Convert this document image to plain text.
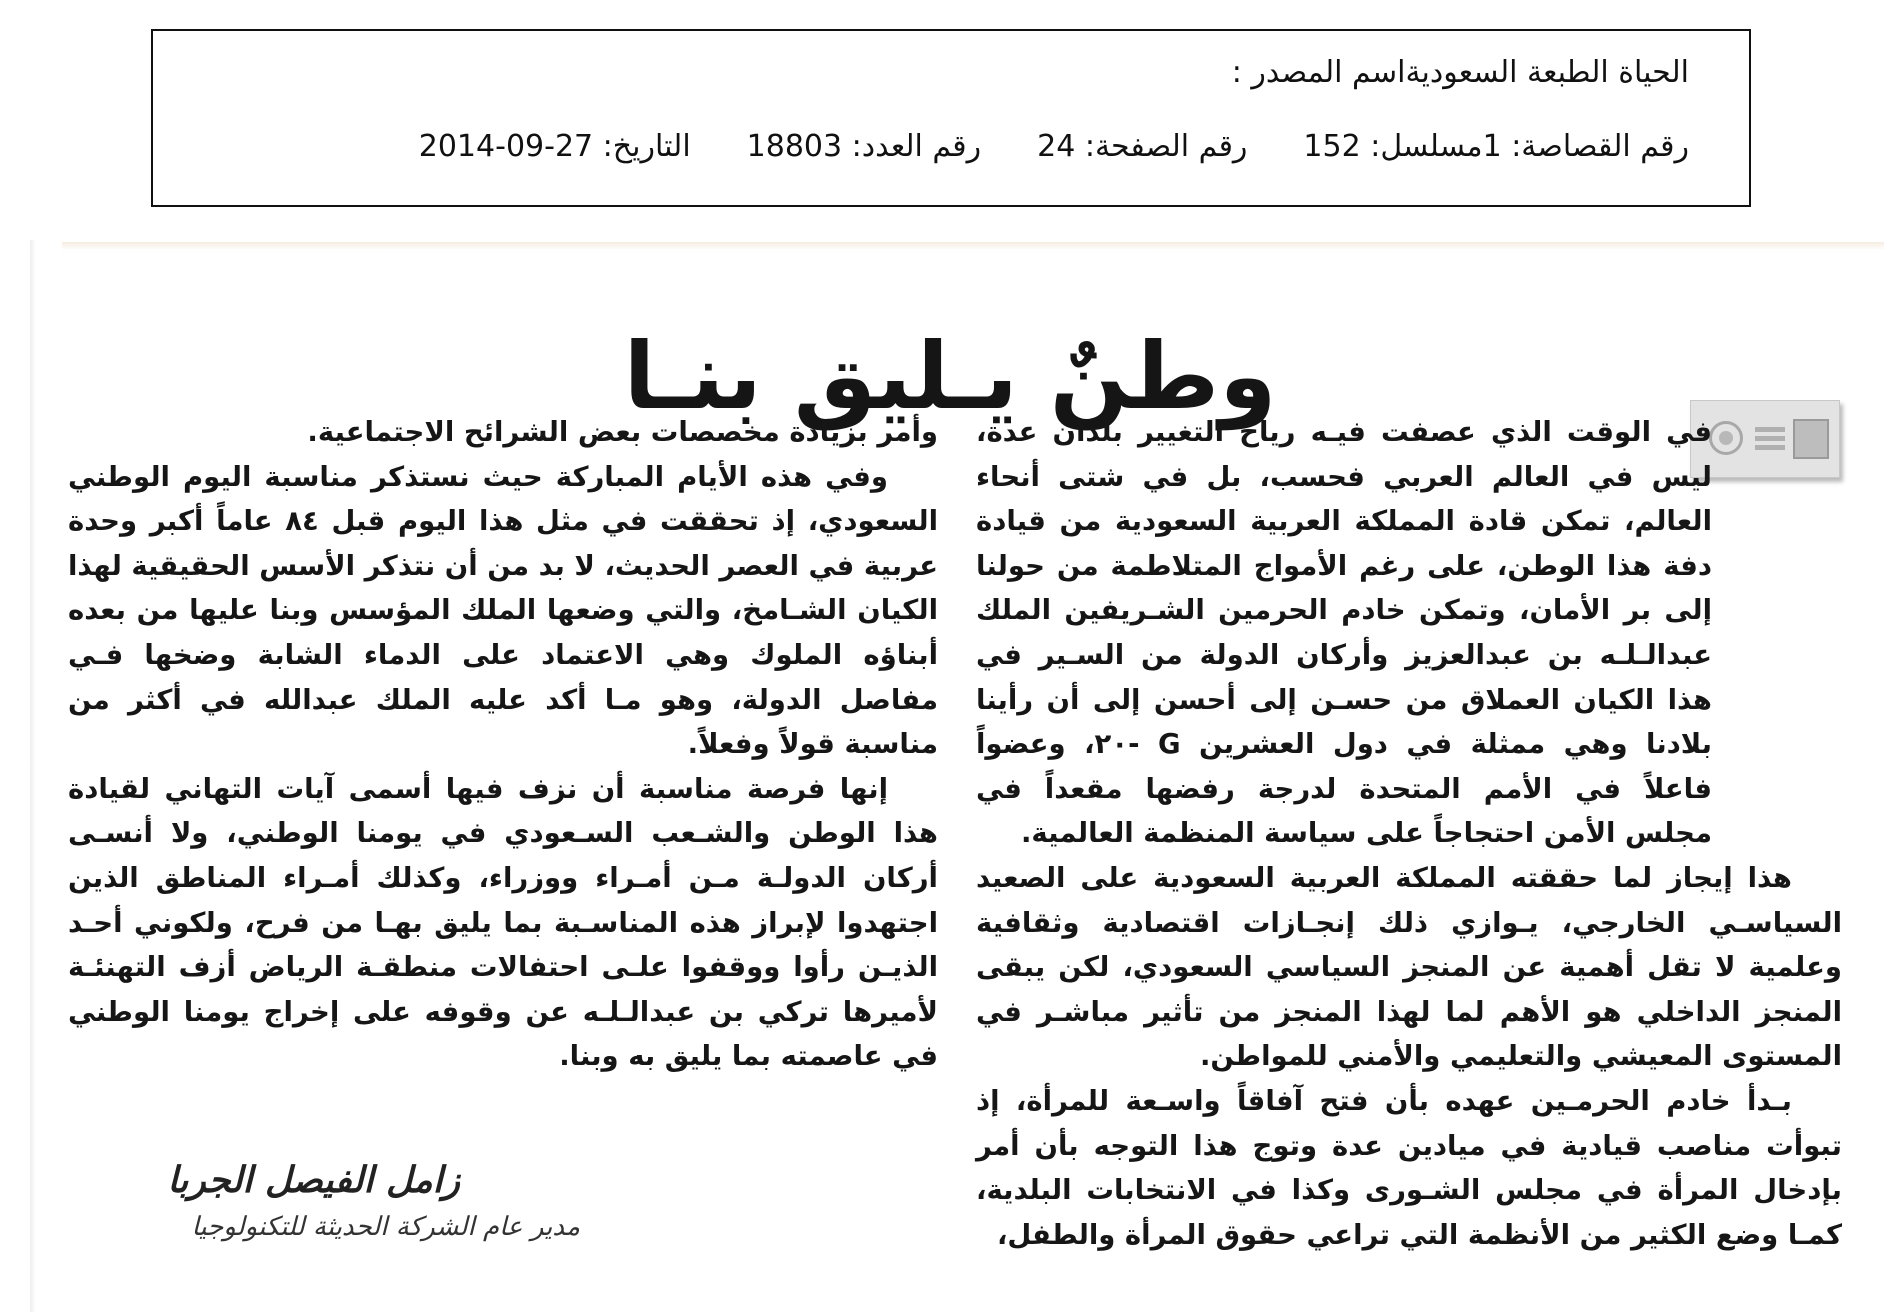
اسم المصدر : الحياة الطبعة السعودية
التاريخ: 27-09-2014 رقم العدد: 18803 رقم الصفحة: 24 مسلسل: 152 رقم القصاصة: 1
وطنٌ يـليق بنـا

في الوقت الذي عصفت فيـه رياح التغيير بلدان عدة، ليس في العالم العربي فحسب، بل في شتى أنحاء العالم، تمكن قادة المملكة العربية السعودية من قيادة دفة هذا الوطن، على رغم الأمواج المتلاطمة من حولنا إلى بر الأمان، وتمكن خادم الحرمين الشـريفين الملك عبدالـلـه بن عبدالعزيز وأركان الدولة من السـير في هذا الكيان العملاق من حسـن إلى أحسن إلى أن رأينا بلادنا وهي ممثلة في دول العشرين G -٢٠، وعضواً فاعلاً في الأمم المتحدة لدرجة رفضها مقعداً في مجلس الأمن احتجاجاً على سياسة المنظمة العالمية.

هذا إيجاز لما حققته المملكة العربية السعودية على الصعيد السياسـي الخارجي، يـوازي ذلك إنجـازات اقتصادية وثقافية وعلمية لا تقل أهمية عن المنجز السياسي السعودي، لكن يبقى المنجز الداخلي هو الأهم لما لهذا المنجز من تأثير مباشـر في المستوى المعيشي والتعليمي والأمني للمواطن.

بـدأ خادم الحرمـين عهده بأن فتح آفاقاً واسـعة للمرأة، إذ تبوأت مناصب قيادية في ميادين عدة وتوج هذا التوجه بأن أمر بإدخال المرأة في مجلس الشـورى وكذا في الانتخابات البلدية، كمـا وضع الكثير من الأنظمة التي تراعي حقوق المرأة والطفل،

وأمر بزيادة مخصصات بعض الشرائح الاجتماعية.

وفي هذه الأيام المباركة حيث نستذكر مناسبة اليوم الوطني السعودي، إذ تحققت في مثل هذا اليوم قبل ٨٤ عاماً أكبر وحدة عربية في العصر الحديث، لا بد من أن نتذكر الأسس الحقيقية لهذا الكيان الشـامخ، والتي وضعها الملك المؤسس وبنا عليها من بعده أبناؤه الملوك وهي الاعتماد على الدماء الشابة وضخها فـي مفاصل الدولة، وهو مـا أكد عليه الملك عبدالله في أكثر من مناسبة قولاً وفعلاً.

إنها فرصة مناسبة أن نزف فيها أسمى آيات التهاني لقيادة هذا الوطن والشـعب السـعودي في يومنا الوطني، ولا أنسـى أركان الدولـة مـن أمـراء ووزراء، وكذلك أمـراء المناطق الذين اجتهدوا لإبراز هذه المناسـبة بما يليق بهـا من فرح، ولكوني أحـد الذيـن رأوا ووقفوا علـى احتفالات منطقـة الرياض أزف التهنئـة لأميرها تركي بن عبدالـلـه عن وقوفه على إخراج يومنا الوطني في عاصمته بما يليق به وبنا.

زامل الفيصل الجربا
مدير عام الشركة الحديثة للتكنولوجيا
